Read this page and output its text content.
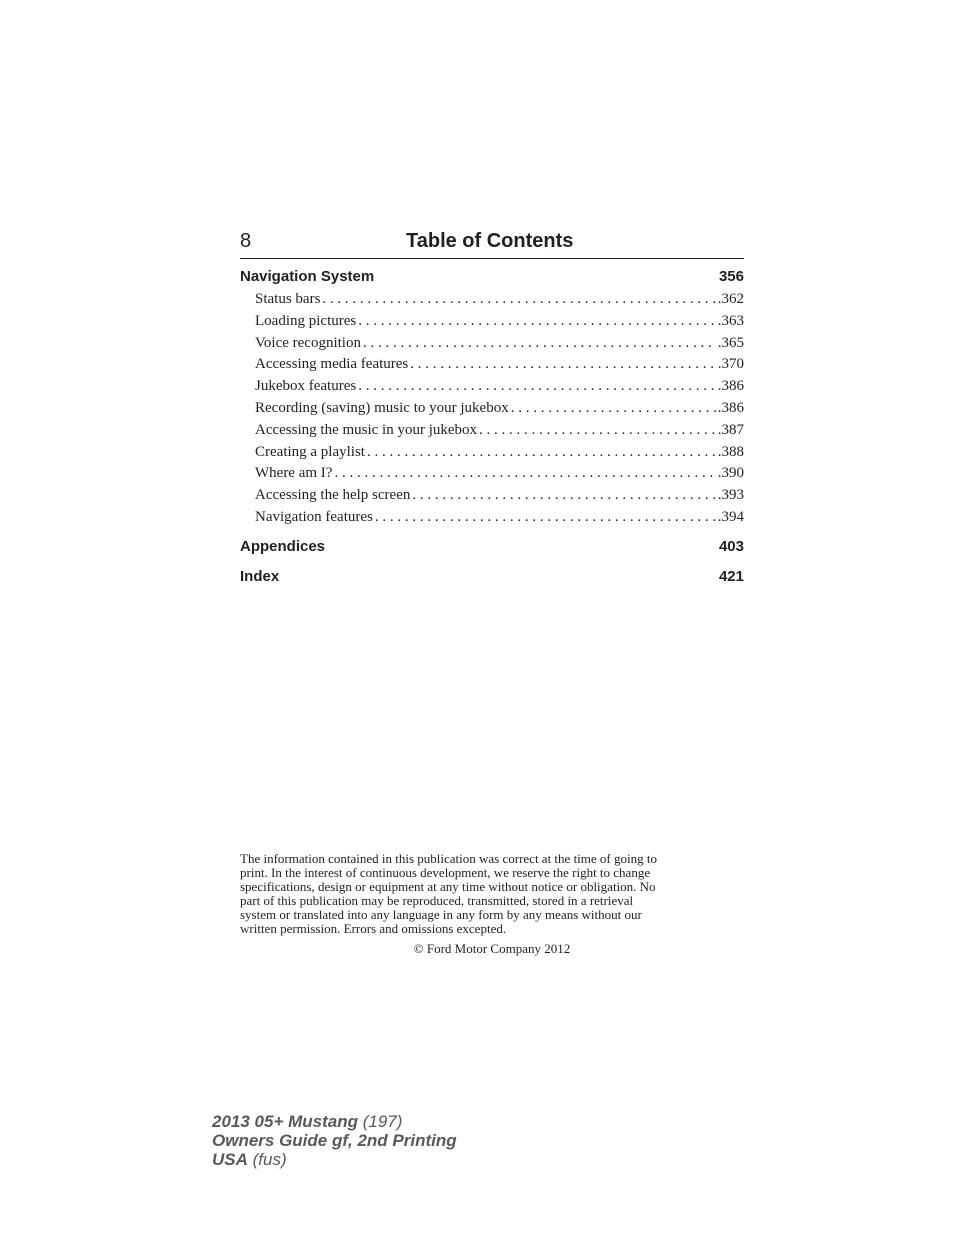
8	Table of Contents
Navigation System	356
Status bars . . .	.362
Loading pictures . . .	.363
Voice recognition . . .	.365
Accessing media features . . .	.370
Jukebox features . . .	.386
Recording (saving) music to your jukebox . . .	.386
Accessing the music in your jukebox . . .	.387
Creating a playlist . . .	.388
Where am I? . . .	.390
Accessing the help screen . . .	.393
Navigation features . . .	.394
Appendices	403
Index	421
The information contained in this publication was correct at the time of going to
print. In the interest of continuous development, we reserve the right to change
specifications, design or equipment at any time without notice or obligation. No
part of this publication may be reproduced, transmitted, stored in a retrieval
system or translated into any language in any form by any means without our
written permission. Errors and omissions excepted.
© Ford Motor Company 2012
2013 05+ Mustang (197)
Owners Guide gf, 2nd Printing
USA (fus)
